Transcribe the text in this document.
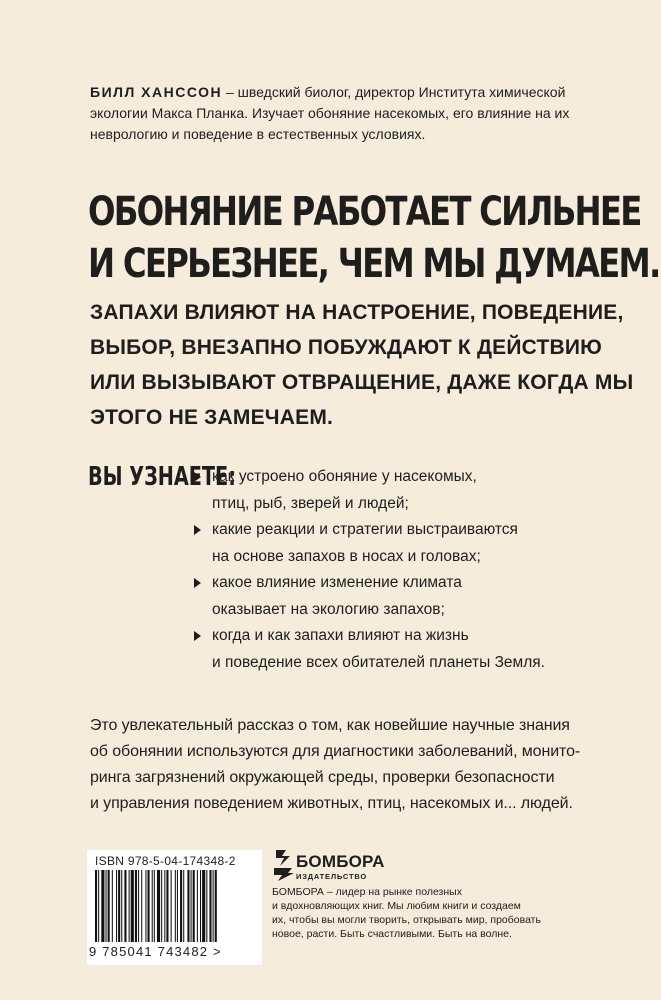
БИЛЛ ХАНССОН – шведский биолог, директор Института химической
экологии Макса Планка. Изучает обоняние насекомых, его влияние на их
неврологию и поведение в естественных условиях.
ОБОНЯНИЕ РАБОТАЕТ СИЛЬНЕЕ
И СЕРЬЕЗНЕЕ, ЧЕМ МЫ ДУМАЕМ.
ЗАПАХИ ВЛИЯЮТ НА НАСТРОЕНИЕ, ПОВЕДЕНИЕ,
ВЫБОР, ВНЕЗАПНО ПОБУЖДАЮТ К ДЕЙСТВИЮ
ИЛИ ВЫЗЫВАЮТ ОТВРАЩЕНИЕ, ДАЖЕ КОГДА МЫ
ЭТОГО НЕ ЗАМЕЧАЕМ.
ВЫ УЗНАЕТЕ:
как устроено обоняние у насекомых,
птиц, рыб, зверей и людей;
какие реакции и стратегии выстраиваются
на основе запахов в носах и головах;
какое влияние изменение климата
оказывает на экологию запахов;
когда и как запахи влияют на жизнь
и поведение всех обитателей планеты Земля.
Это увлекательный рассказ о том, как новейшие научные знания
об обонянии используются для диагностики заболеваний, монито-
ринга загрязнений окружающей среды, проверки безопасности
и управления поведением животных, птиц, насекомых и... людей.
ISBN 978-5-04-174348-2
9 785041 743482 >
БОМБОРА
ИЗДАТЕЛЬСТВО
БОМБОРА – лидер на рынке полезных
и вдохновляющих книг. Мы любим книги и создаем
их, чтобы вы могли творить, открывать мир, пробовать
новое, расти. Быть счастливыми. Быть на волне.
